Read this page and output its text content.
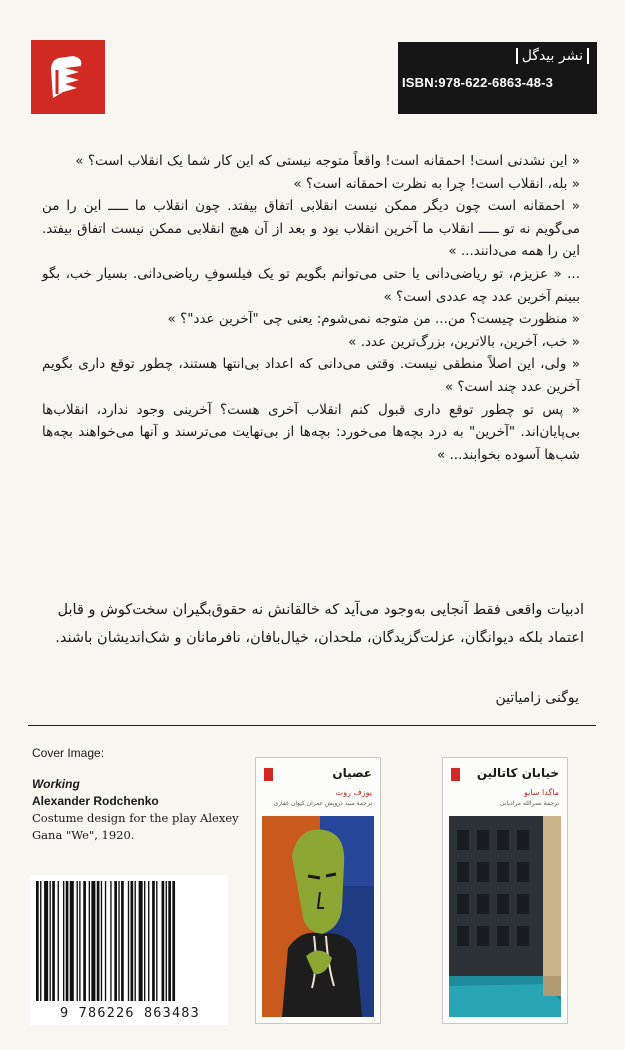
نشر بیدگل
ISBN:978-622-6863-48-3

« این نشدنی است! احمقانه است! واقعاً متوجه نیستی که این کار شما یک انقلاب است؟ »

« بله، انقلاب است! چرا به نظرت احمقانه است؟ »

« احمقانه است چون دیگر ممکن نیست انقلابی اتفاق بیفتد. چون انقلاب ما ـــــ این را من می‌گویم نه تو ـــــ انقلاب ما آخرین انقلاب بود و بعد از آن هیچ انقلابی ممکن نیست اتفاق بیفتد. این را همه می‌دانند... »

... « عزیزم، تو ریاضی‌دانی یا حتی می‌توانم بگویم تو یک فیلسوفِ ریاضی‌دانی. بسیار خب، بگو ببینم آخرین عدد چه عددی است؟ »

« منظورت چیست؟ من... من متوجه نمی‌شوم: یعنی چی "آخرین عدد"؟ »

« خب، آخرین، بالاترین، بزرگ‌ترین عدد. »

« ولی، این اصلاً منطقی نیست. وقتی می‌دانی که اعداد بی‌انتها هستند، چطور توقع داری بگویم آخرین عدد چند است؟ »

« پس تو چطور توقع داری قبول کنم انقلاب آخری هست؟ آخرینی وجود ندارد، انقلاب‌ها بی‌پایان‌اند. "آخرین" به درد بچه‌ها می‌خورد: بچه‌ها از بی‌نهایت می‌ترسند و آنها می‌خواهند بچه‌ها شب‌ها آسوده بخوابند... »

ادبیات واقعی فقط آنجایی به‌وجود می‌آید که خالقانش نه حقوق‌بگیران سخت‌کوش و قابل اعتماد بلکه دیوانگان، عزلت‌گزیدگان، ملحدان، خیال‌بافان، نافرمانان و شک‌اندیشان باشند.
یوگنی زامیاتین
Cover Image:
Working
Alexander Rodchenko
Costume design for the play Alexey Gana "We", 1920.
9 786226 863483
عصیان
یوزف روت
ترجمهٔ سید دروپش عمران کیوان غفاری
خیابان کاتالین
ماگدا سابو
ترجمهٔ نصرالله مرادیانی
